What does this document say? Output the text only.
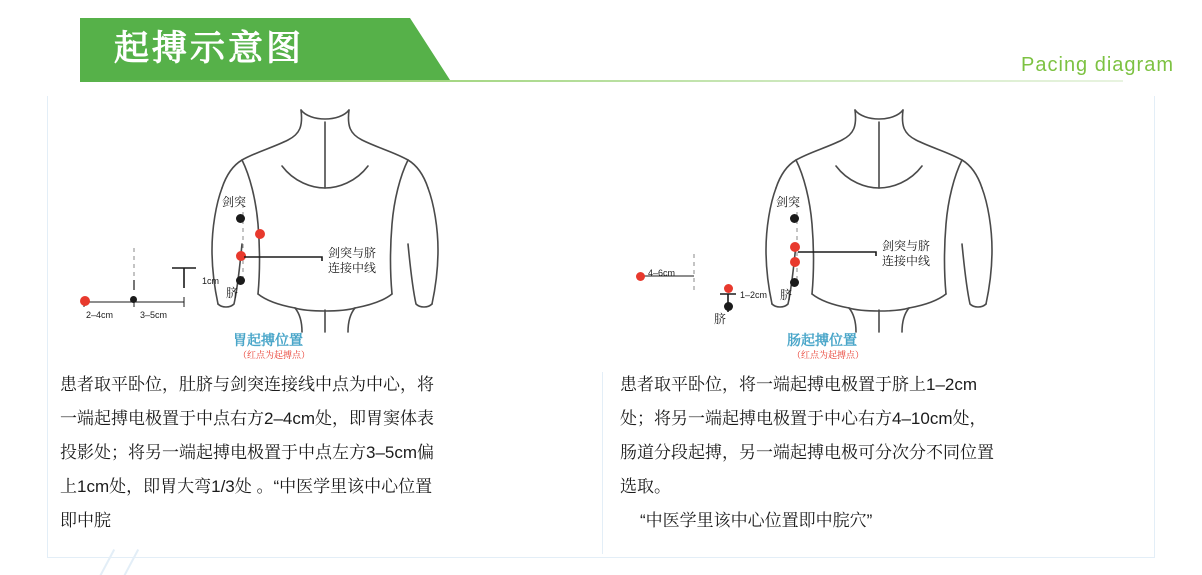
起搏示意图	Pacing diagram
剑突
脐
剑突与脐
连接中线
1cm
2–4cm	3–5cm
胃起搏位置
（红点为起搏点）
剑突
脐
剑突与脐
连接中线
4–6cm
1–2cm
脐
肠起搏位置
（红点为起搏点）

患者取平卧位，肚脐与剑突连接线中点为中心，将

一端起搏电极置于中点右方2–4cm处，即胃窦体表

投影处；将另一端起搏电极置于中点左方3–5cm偏

上1cm处，即胃大弯1/3处 。“中医学里该中心位置

即中脘

患者取平卧位，将一端起搏电极置于脐上1–2cm

处；将另一端起搏电极置于中心右方4–10cm处，

肠道分段起搏，另一端起搏电极可分次分不同位置

选取。

“中医学里该中心位置即中脘穴”
